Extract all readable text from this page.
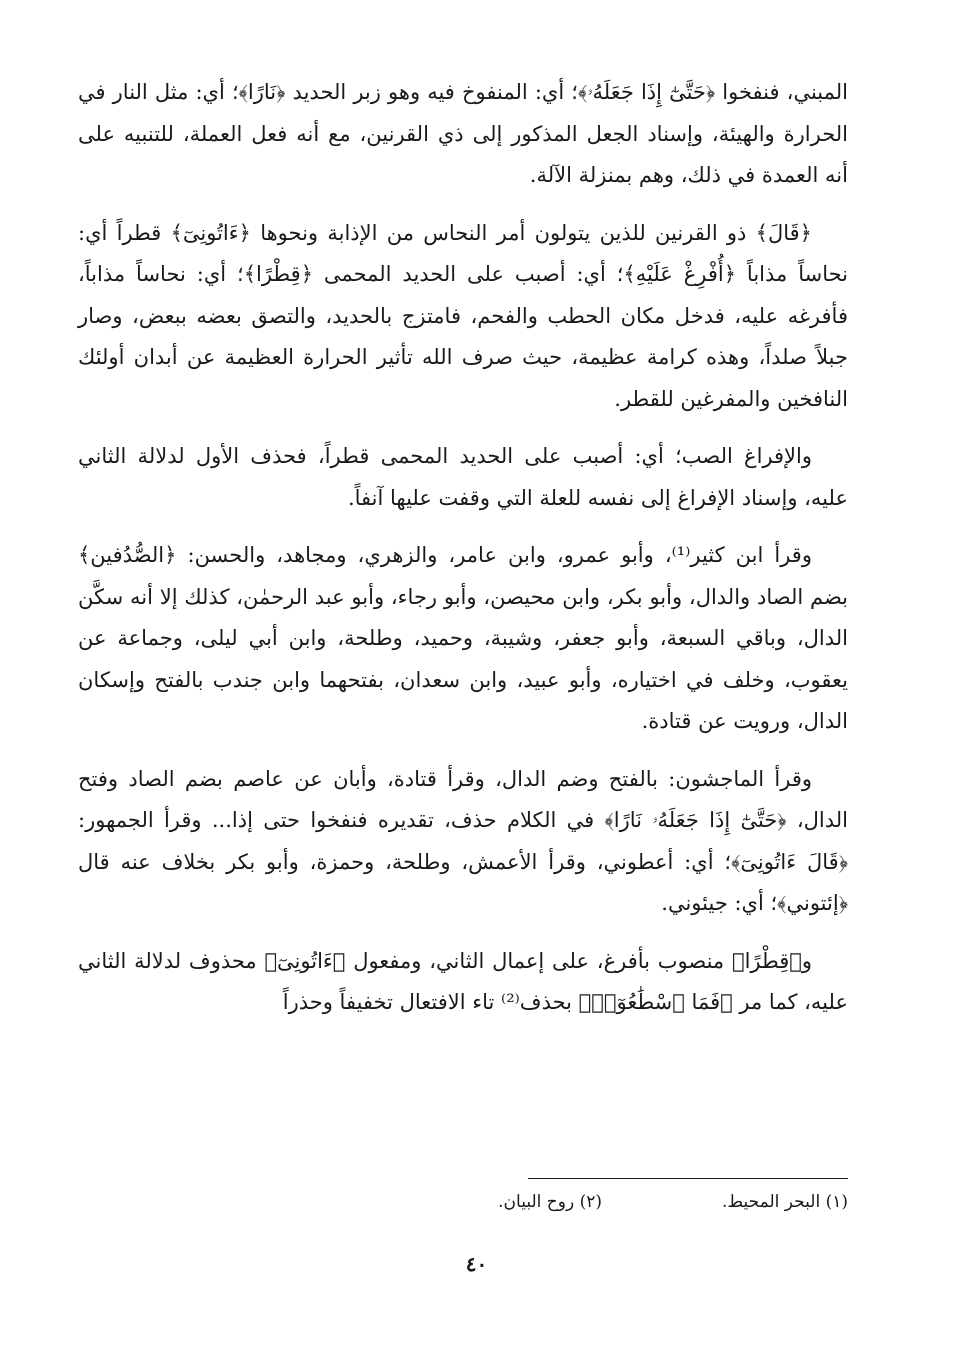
المبني، فنفخوا ﴿حَتَّىٰٓ إِذَا جَعَلَهُۥ﴾؛ أي: المنفوخ فيه وهو زبر الحديد ﴿نَارًا﴾؛ أي: مثل النار في الحرارة والهيئة، وإسناد الجعل المذكور إلى ذي القرنين، مع أنه فعل العملة، للتنبيه على أنه العمدة في ذلك، وهم بمنزلة الآلة.

﴿قَالَ﴾ ذو القرنين للذين يتولون أمر النحاس من الإذابة ونحوها ﴿ءَاتُونِىٓ﴾ قطراً أي: نحاساً مذاباً ﴿أُفْرِغْ عَلَيْهِ﴾؛ أي: أصبب على الحديد المحمى ﴿قِطْرًا﴾؛ أي: نحاساً مذاباً، فأفرغه عليه، فدخل مكان الحطب والفحم، فامتزج بالحديد، والتصق بعضه ببعض، وصار جبلاً صلداً، وهذه كرامة عظيمة، حيث صرف الله تأثير الحرارة العظيمة عن أبدان أولئك النافخين والمفرغين للقطر.

والإفراغ الصب؛ أي: أصبب على الحديد المحمى قطراً، فحذف الأول لدلالة الثاني عليه، وإسناد الإفراغ إلى نفسه للعلة التي وقفت عليها آنفاً.

وقرأ ابن كثير⁽¹⁾، وأبو عمرو، وابن عامر، والزهري، ومجاهد، والحسن: ﴿الصُّدُفين﴾ بضم الصاد والدال، وأبو بكر، وابن محيصن، وأبو رجاء، وأبو عبد الرحمٰن، كذلك إلا أنه سكَّن الدال، وباقي السبعة، وأبو جعفر، وشيبة، وحميد، وطلحة، وابن أبي ليلى، وجماعة عن يعقوب، وخلف في اختياره، وأبو عبيد، وابن سعدان، بفتحهما وابن جندب بالفتح وإسكان الدال، ورويت عن قتادة.

وقرأ الماجشون: بالفتح وضم الدال، وقرأ قتادة، وأبان عن عاصم بضم الصاد وفتح الدال، ﴿حَتَّىٰٓ إِذَا جَعَلَهُۥ نَارًا﴾ في الكلام حذف، تقديره فنفخوا حتى إذا... وقرأ الجمهور: ﴿قَالَ ءَاتُونِىٓ﴾؛ أي: أعطوني، وقرأ الأعمش، وطلحة، وحمزة، وأبو بكر بخلاف عنه قال ﴿إئتوني﴾؛ أي: جيئوني.

و﴿قِطْرًا﴾ منصوب بأفرغ، على إعمال الثاني، ومفعول ﴿ءَاتُونِىٓ﴾ محذوف لدلالة الثاني عليه، كما مر ﴿فَمَا ٱسْطَٰعُوٓا۟﴾ بحذف⁽²⁾ تاء الافتعال تخفيفاً وحذراً

(١) البحر المحيط.
(٢) روح البيان.
٤٠
